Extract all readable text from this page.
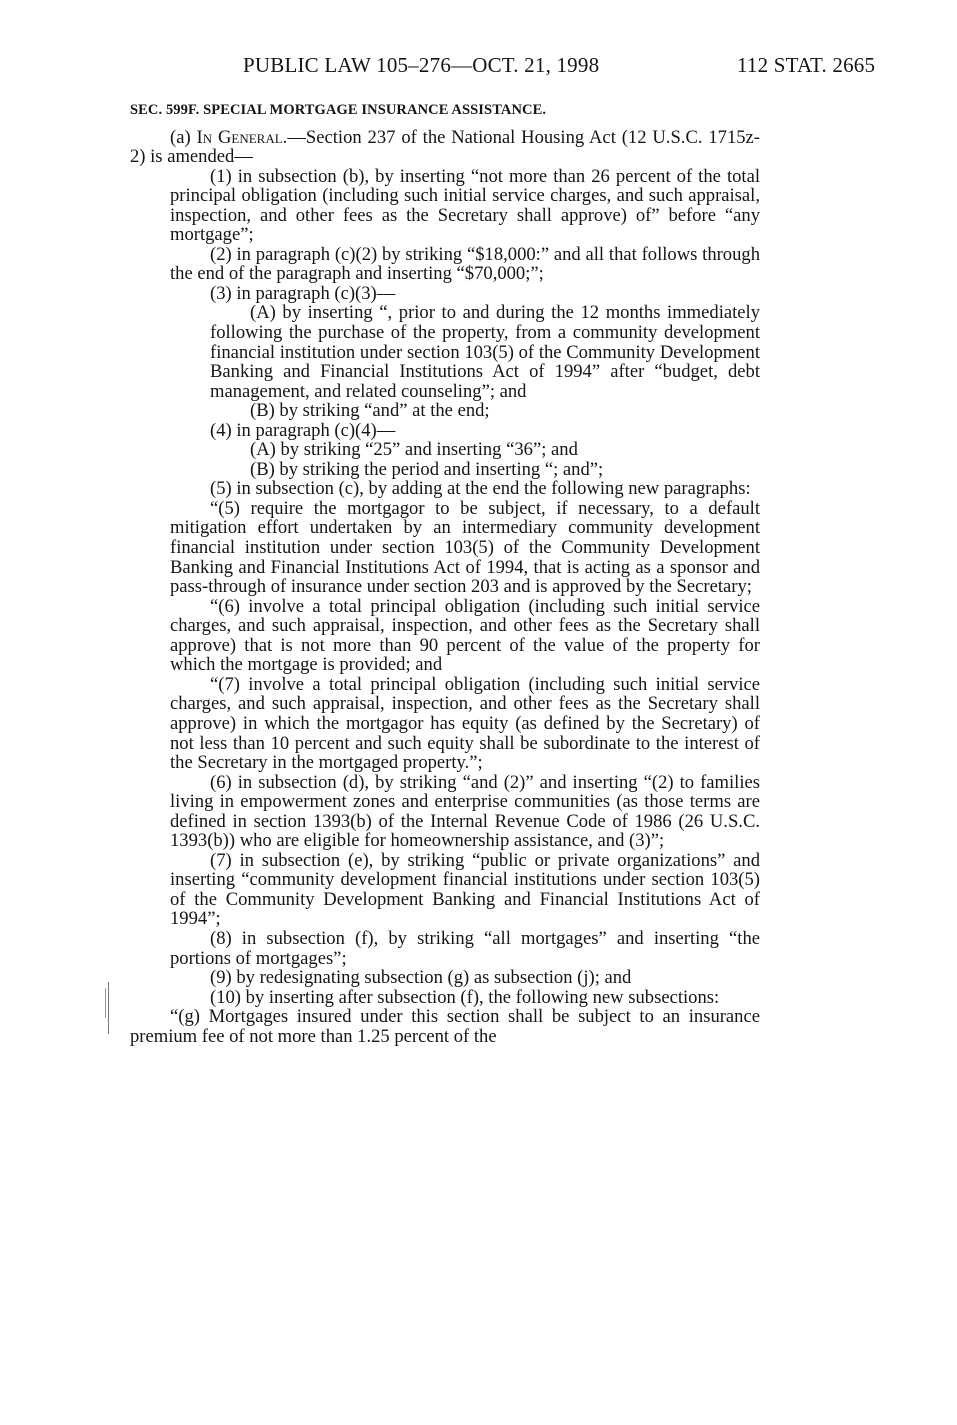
PUBLIC LAW 105–276—OCT. 21, 1998	112 STAT. 2665

SEC. 599F. SPECIAL MORTGAGE INSURANCE ASSISTANCE.

(a) In General.—Section 237 of the National Housing Act (12 U.S.C. 1715z-2) is amended—

(1) in subsection (b), by inserting “not more than 26 percent of the total principal obligation (including such initial service charges, and such appraisal, inspection, and other fees as the Secretary shall approve) of” before “any mortgage”;

(2) in paragraph (c)(2) by striking “$18,000:” and all that follows through the end of the paragraph and inserting “$70,000;”;

(3) in paragraph (c)(3)—

(A) by inserting “, prior to and during the 12 months immediately following the purchase of the property, from a community development financial institution under section 103(5) of the Community Development Banking and Financial Institutions Act of 1994” after “budget, debt management, and related counseling”; and

(B) by striking “and” at the end;

(4) in paragraph (c)(4)—

(A) by striking “25” and inserting “36”; and

(B) by striking the period and inserting “; and”;

(5) in subsection (c), by adding at the end the following new paragraphs:

“(5) require the mortgagor to be subject, if necessary, to a default mitigation effort undertaken by an intermediary community development financial institution under section 103(5) of the Community Development Banking and Financial Institutions Act of 1994, that is acting as a sponsor and pass-through of insurance under section 203 and is approved by the Secretary;

“(6) involve a total principal obligation (including such initial service charges, and such appraisal, inspection, and other fees as the Secretary shall approve) that is not more than 90 percent of the value of the property for which the mortgage is provided; and

“(7) involve a total principal obligation (including such initial service charges, and such appraisal, inspection, and other fees as the Secretary shall approve) in which the mortgagor has equity (as defined by the Secretary) of not less than 10 percent and such equity shall be subordinate to the interest of the Secretary in the mortgaged property.”;

(6) in subsection (d), by striking “and (2)” and inserting “(2) to families living in empowerment zones and enterprise communities (as those terms are defined in section 1393(b) of the Internal Revenue Code of 1986 (26 U.S.C. 1393(b)) who are eligible for homeownership assistance, and (3)”;

(7) in subsection (e), by striking “public or private organizations” and inserting “community development financial institutions under section 103(5) of the Community Development Banking and Financial Institutions Act of 1994”;

(8) in subsection (f), by striking “all mortgages” and inserting “the portions of mortgages”;

(9) by redesignating subsection (g) as subsection (j); and

(10) by inserting after subsection (f), the following new subsections:

“(g) Mortgages insured under this section shall be subject to an insurance premium fee of not more than 1.25 percent of the
